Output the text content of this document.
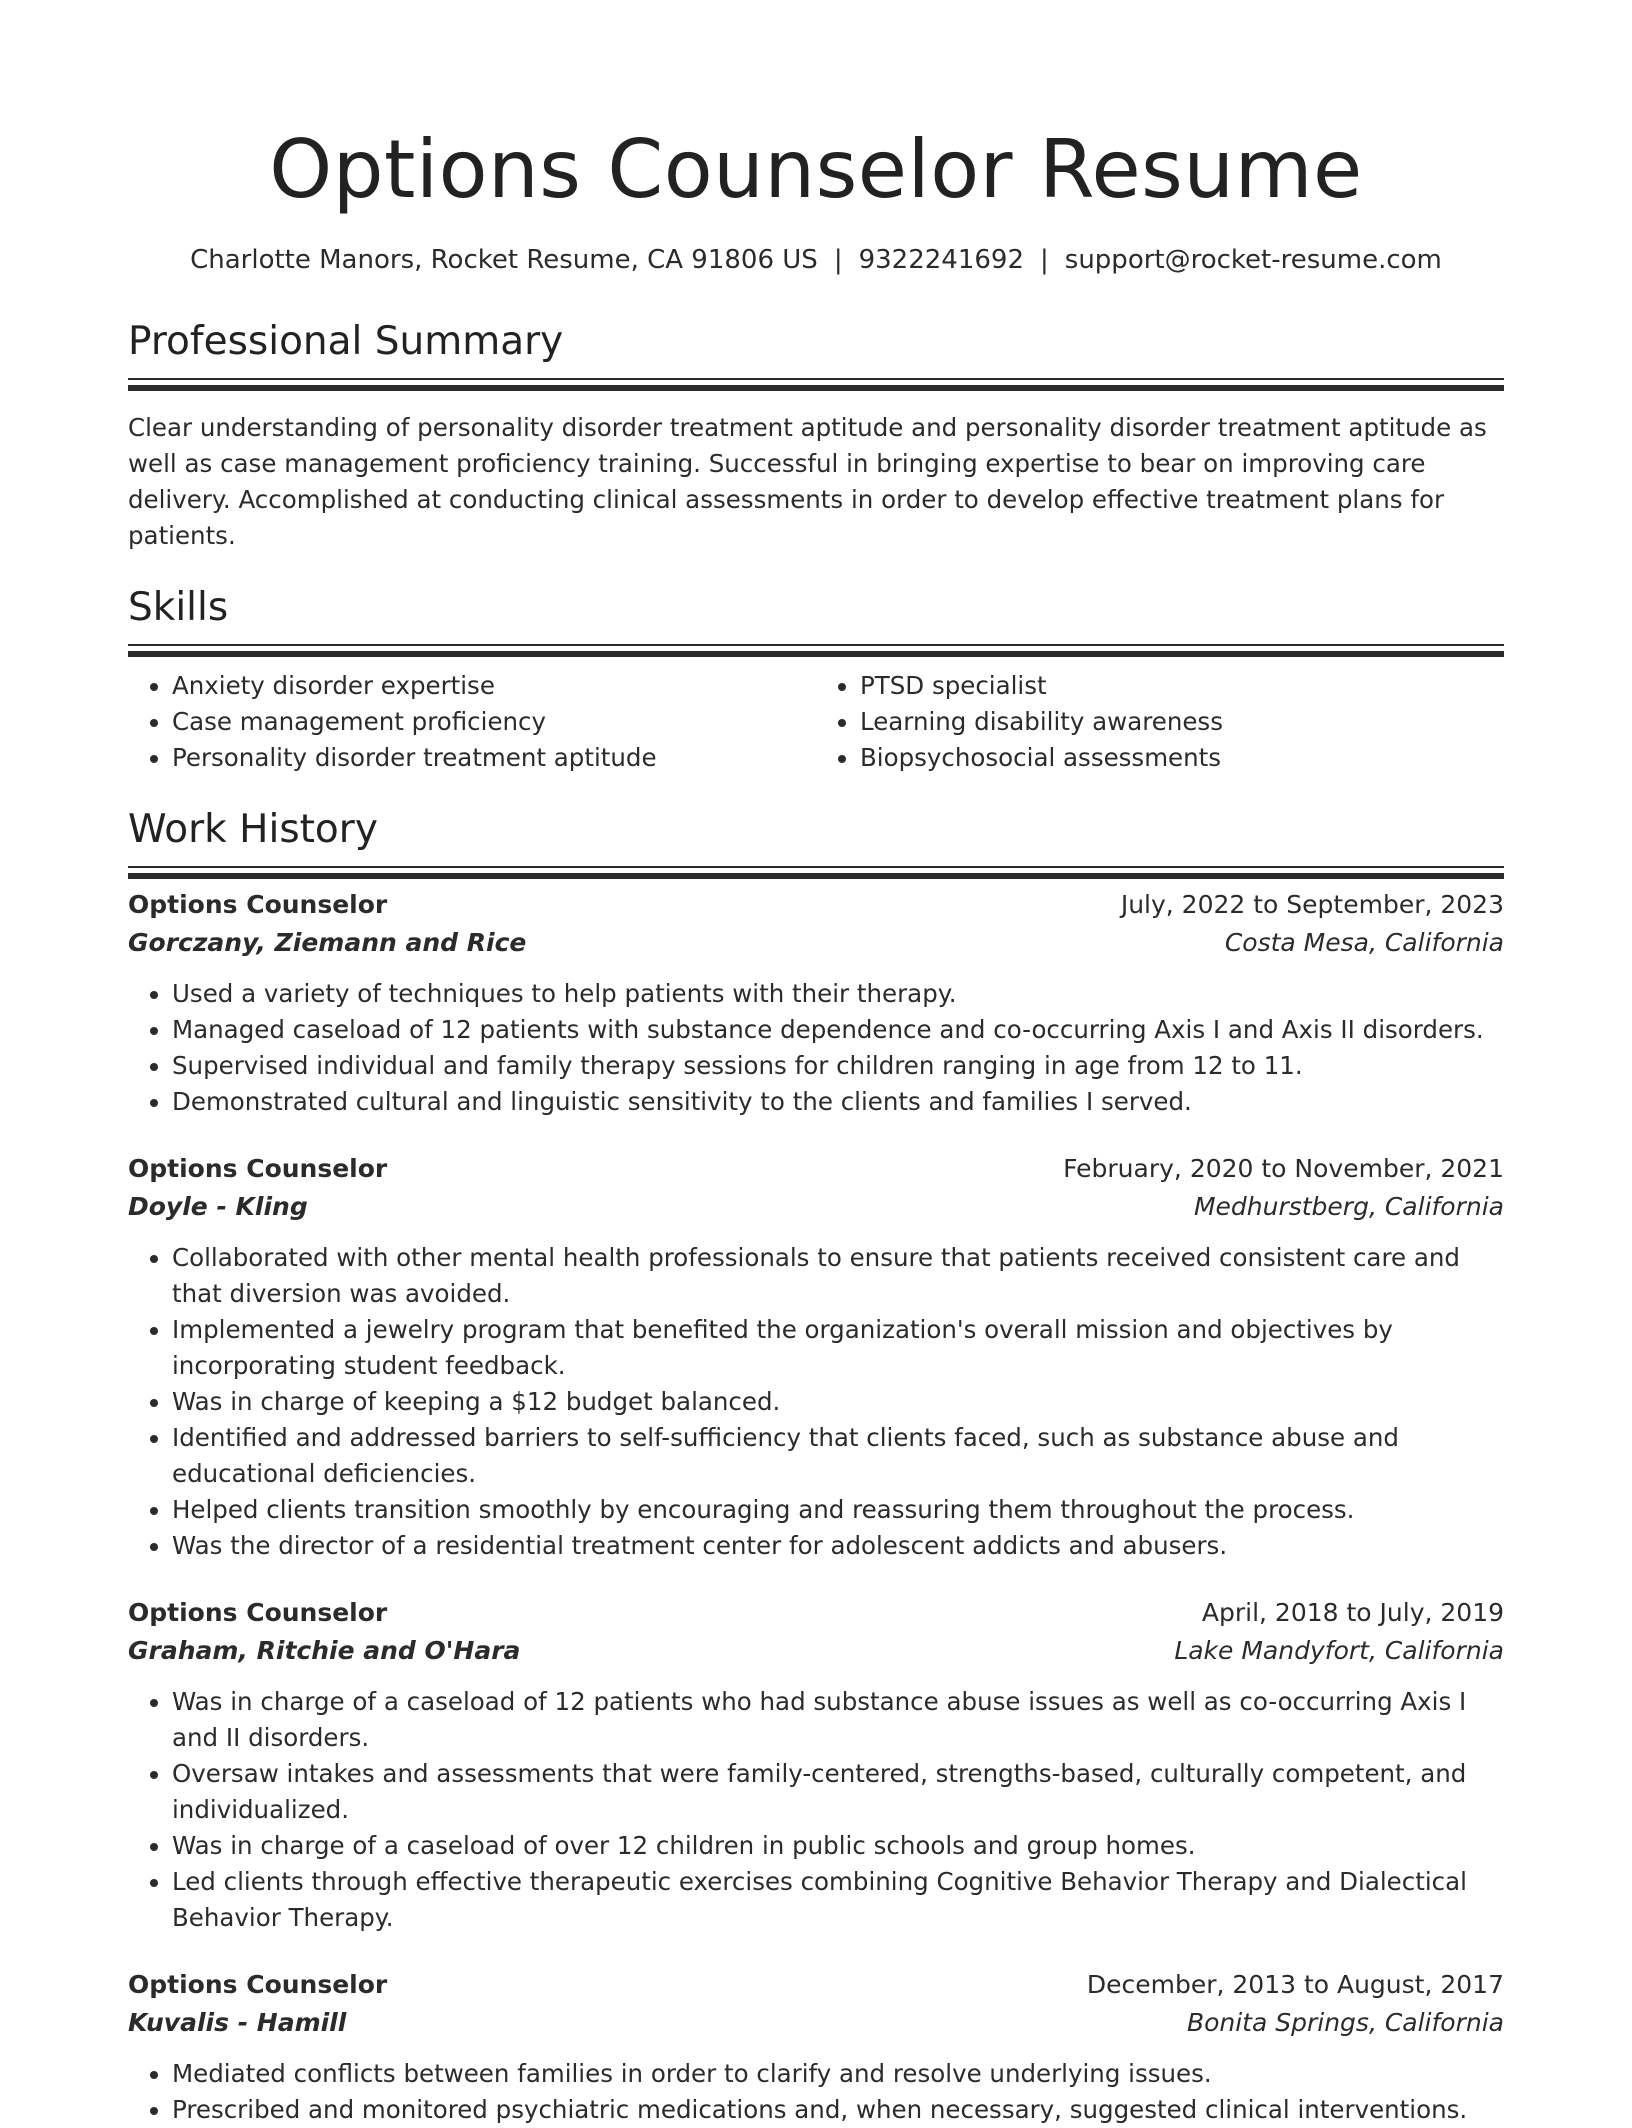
Options Counselor Resume
Charlotte Manors, Rocket Resume, CA 91806 US | 9322241692 | support@rocket-resume.com
Professional Summary

Clear understanding of personality disorder treatment aptitude and personality disorder treatment aptitude as well as case management proficiency training. Successful in bringing expertise to bear on improving care delivery. Accomplished at conducting clinical assessments in order to develop effective treatment plans for patients.

Skills
• Anxiety disorder expertise
• Case management proficiency
• Personality disorder treatment aptitude
• PTSD specialist
• Learning disability awareness
• Biopsychosocial assessments
Work History
Options Counselor	July, 2022 to September, 2023
Gorczany, Ziemann and Rice	Costa Mesa, California
• Used a variety of techniques to help patients with their therapy.
• Managed caseload of 12 patients with substance dependence and co-occurring Axis I and Axis II disorders.
• Supervised individual and family therapy sessions for children ranging in age from 12 to 11.
• Demonstrated cultural and linguistic sensitivity to the clients and families I served.
Options Counselor	February, 2020 to November, 2021
Doyle - Kling	Medhurstberg, California
• Collaborated with other mental health professionals to ensure that patients received consistent care and that diversion was avoided.
• Implemented a jewelry program that benefited the organization's overall mission and objectives by incorporating student feedback.
• Was in charge of keeping a $12 budget balanced.
• Identified and addressed barriers to self-sufficiency that clients faced, such as substance abuse and educational deficiencies.
• Helped clients transition smoothly by encouraging and reassuring them throughout the process.
• Was the director of a residential treatment center for adolescent addicts and abusers.
Options Counselor	April, 2018 to July, 2019
Graham, Ritchie and O'Hara	Lake Mandyfort, California
• Was in charge of a caseload of 12 patients who had substance abuse issues as well as co-occurring Axis I and II disorders.
• Oversaw intakes and assessments that were family-centered, strengths-based, culturally competent, and individualized.
• Was in charge of a caseload of over 12 children in public schools and group homes.
• Led clients through effective therapeutic exercises combining Cognitive Behavior Therapy and Dialectical Behavior Therapy.
Options Counselor	December, 2013 to August, 2017
Kuvalis - Hamill	Bonita Springs, California
• Mediated conflicts between families in order to clarify and resolve underlying issues.
• Prescribed and monitored psychiatric medications and, when necessary, suggested clinical interventions.
